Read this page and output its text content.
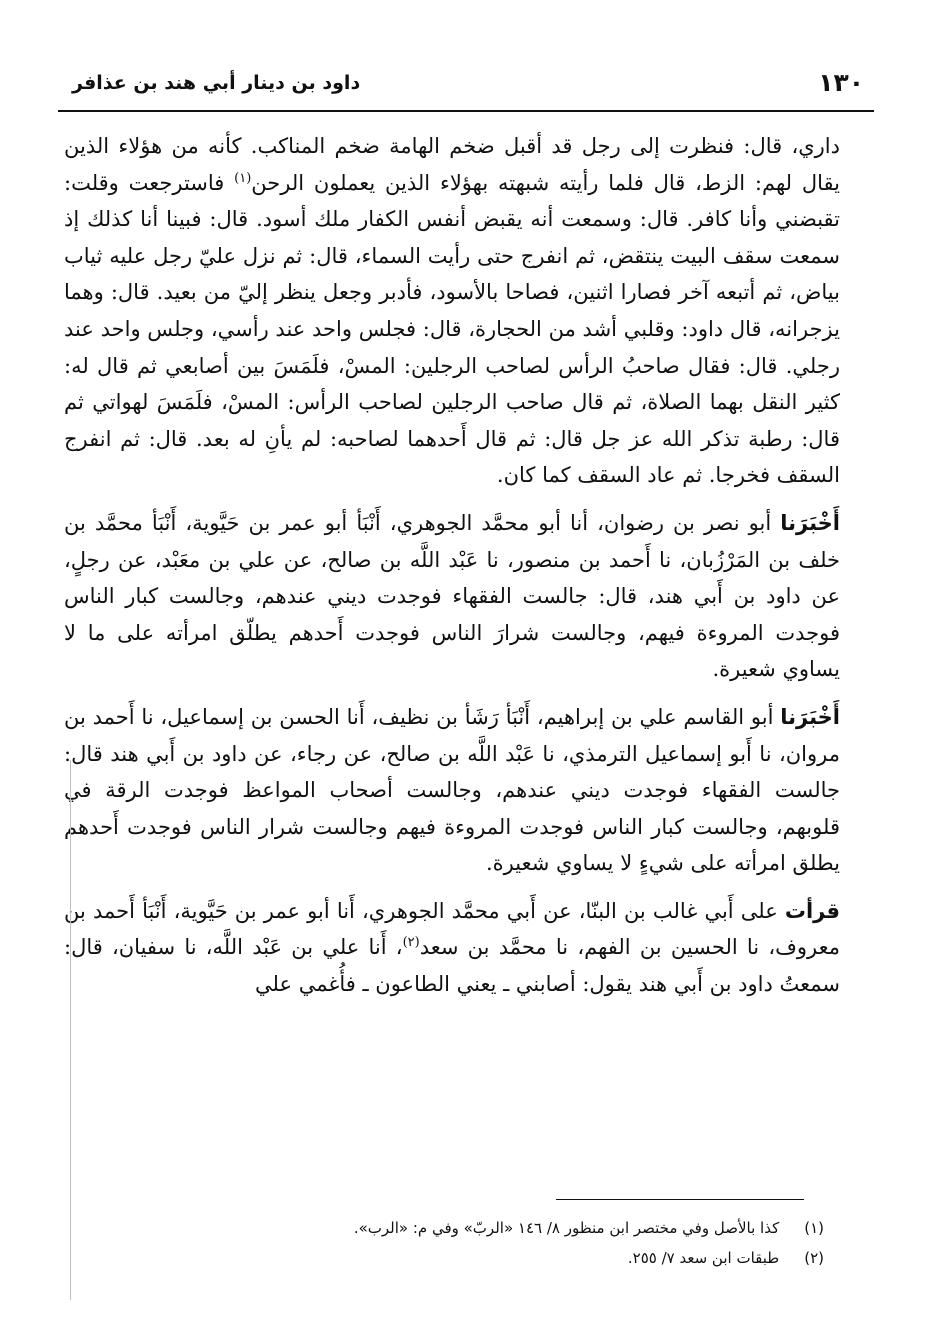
١٣٠
داود بن دينار أبي هند بن عذافر

داري، قال: فنظرت إلى رجل قد أقبل ضخم الهامة ضخم المناكب. كأنه من هؤلاء الذين يقال لهم: الزط، قال فلما رأيته شبهته بهؤلاء الذين يعملون الرحن$^{(١)}$ فاسترجعت وقلت: تقبضني وأنا كافر. قال: وسمعت أنه يقبض أنفس الكفار ملك أسود. قال: فبينا أنا كذلك إذ سمعت سقف البيت ينتقض، ثم انفرج حتى رأيت السماء، قال: ثم نزل عليّ رجل عليه ثياب بياض، ثم أتبعه آخر فصارا اثنين، فصاحا بالأسود، فأدبر وجعل ينظر إليّ من بعيد. قال: وهما يزجرانه، قال داود: وقلبي أشد من الحجارة، قال: فجلس واحد عند رأسي، وجلس واحد عند رجلي. قال: فقال صاحبُ الرأس لصاحب الرجلين: المسْ، فلَمَسَ بين أصابعي ثم قال له: كثير النقل بهما الصلاة، ثم قال صاحب الرجلين لصاحب الرأس: المسْ، فلَمَسَ لهواتي ثم قال: رطبة تذكر الله عز جل قال: ثم قال أَحدهما لصاحبه: لم يأنِ له بعد. قال: ثم انفرج السقف فخرجا. ثم عاد السقف كما كان.

أَخْبَرَنا أبو نصر بن رضوان، أنا أبو محمَّد الجوهري، أَنْبَأ أبو عمر بن حَيَّوية، أَنْبَأ محمَّد بن خلف بن المَرْزُبان، نا أَحمد بن منصور، نا عَبْد اللَّه بن صالح، عن علي بن معَبْد، عن رجلٍ، عن داود بن أَبي هند، قال: جالست الفقهاء فوجدت ديني عندهم، وجالست كبار الناس فوجدت المروءة فيهم، وجالست شرارَ الناس فوجدت أَحدهم يطلّق امرأته على ما لا يساوي شعيرة.

أَخْبَرَنا أبو القاسم علي بن إبراهيم، أَنْبَأ رَشَأ بن نظيف، أَنا الحسن بن إسماعيل، نا أَحمد بن مروان، نا أَبو إسماعيل الترمذي، نا عَبْد اللَّه بن صالح، عن رجاء، عن داود بن أَبي هند قال: جالست الفقهاء فوجدت ديني عندهم، وجالست أصحاب المواعظ فوجدت الرقة في قلوبهم، وجالست كبار الناس فوجدت المروءة فيهم وجالست شرار الناس فوجدت أَحدهم يطلق امرأته على شيءٍ لا يساوي شعيرة.

قرأت على أَبي غالب بن البنّا، عن أَبي محمَّد الجوهري، أَنا أبو عمر بن حَيَّوية، أَنْبَأ أَحمد بن معروف، نا الحسين بن الفهم، نا محمَّد بن سعد$^{(٢)}$، أَنا علي بن عَبْد اللَّه، نا سفيان، قال: سمعتُ داود بن أَبي هند يقول: أصابني ـ يعني الطاعون ـ فأُغمي علي

(١) كذا بالأصل وفي مختصر ابن منظور ٨/ ١٤٦ «الربّ» وفي م: «الرب».
(٢) طبقات ابن سعد ٧/ ٢٥٥.
